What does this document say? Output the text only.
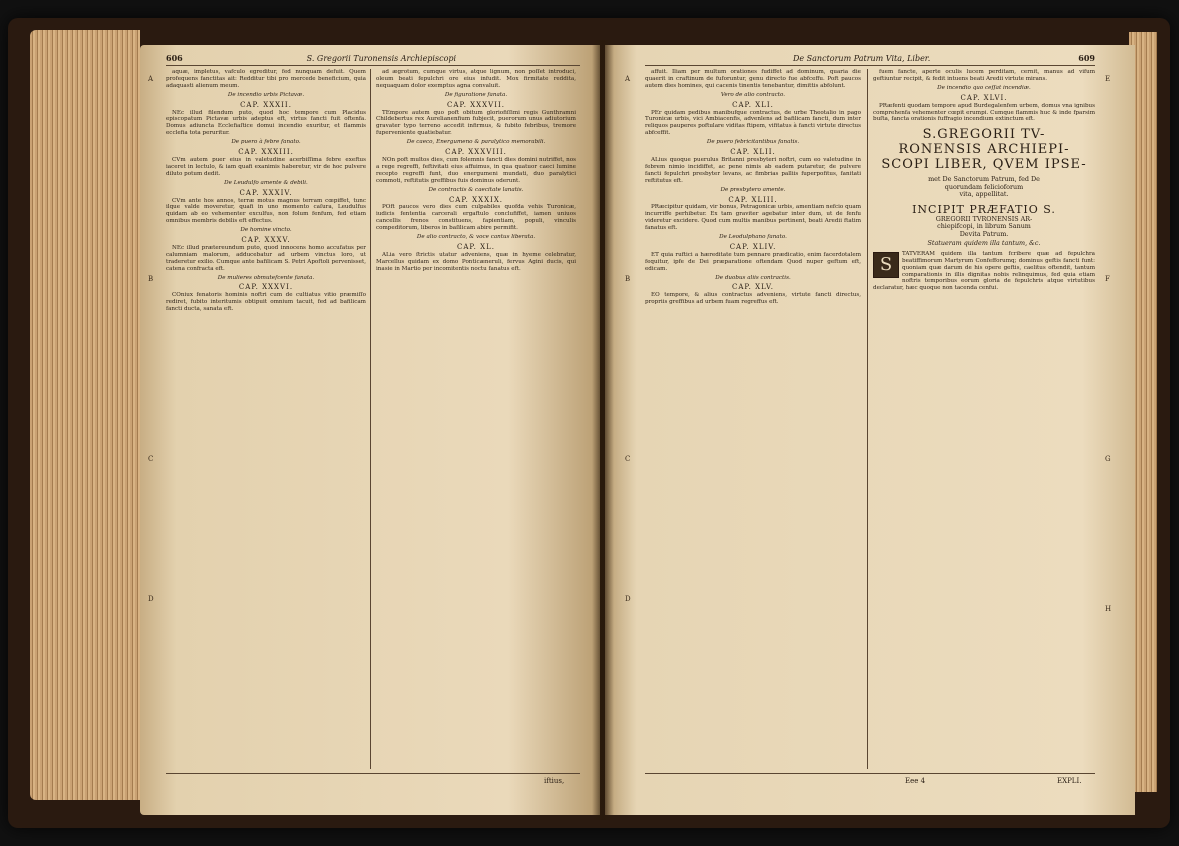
606	S. Gregorii Turonensis Archiepiscopi

aquæ, impletus, vafculo egreditur, fed nunquam defuit. Quem profequens fanctitas ait: Redditur tibi pro mercede beneficium, quia adaquasti alienum meum.

De incendio urbis Pictavæ.
CAP. XXXII.

NEc illud filendum puto, quod hoc tempore cum Placidus episcopatum Pictavæ urbis adeptus eft, virtus fancti fuit oftenfa. Domus adiuncta Ecclefiaſtice domui incendio exuritur, et flammis ecclefia tota peruritur.

De puero à febre fanato.
CAP. XXXIII.

CVm autem puer eius in valetudine acerbiſſima febre exeftus iaceret in lectulo, & iam quafi exanimis haberetur, vir de hoc pulvere diluto potum dedit.

De Leudulfo amente & debili.
CAP. XXXIV.

CVm ante hos annos, terræ motus magnus terram cœpiffet, tunc ilque valde moveretur, quafi in uno momento caſura, Leudulfus quidam ab eo vehementer exculfus, non folum fenfum, fed etiam omnibus membris debilis eft effectus.

De homine vincto.
CAP. XXXV.

NEc illud prætereundum puto, quod innocens homo accufatus per calumniam malorum, adducebatur ad urbem vinctus loro, ut traderetur exilio. Cumque ante bafilicam S. Petri Apoftoli pervenisset, catena confracta eft.

De mulieres obmutefcente fanata.
CAP. XXXVI.

COniux fenatoris hominis noftri cum de cultiatus vitio præmiſſo rediret, fubito interitumis obtipuit omnium tacuit, fed ad bafilicam fancti ducta, sanata eft.

ad ægrotum, cumque virtus, atque lignum, non poſſet introduci, oleum beati fepulchri ore eius infudit. Mox firmitate reddita, nequaquam dolor exemptus agna convaluit.

De figuratione fanata.
CAP. XXXVII.

TEmpore autem quo poft obitum gloriofiſſimi regis Gunthramni Childebertus rex Aurelianenfium fubjecit, puerorum unus adiutorium gravater typo terreno accedit infirmus, & fubito febribus, tremore fuperveniente quatiebatur.

De caeco, Energumeno & paralytico memorabili.
CAP. XXXVIII.

NOn poft multos dies, cum folemnis fancti dies domini nutriffet, nos a rege regreffi, feftivitati eius affuimus, in qua quatuor caeci lumine recepto regreffi funt, duo energumeni mundati, duo paralytici commoti, reftitutis greffibus fuis dominus oderunt.

De contractis & caecitate lanatis.
CAP. XXXIX.

POft paucos vero dies cum culpabiles quofda vehis Turonicæ, iudicis fententia carcerali ergaftulo conclufiffet, iamen uniuos cancellis frenos constituens, fapientiam, populi, vinculis compeditorum, liberos in baſilicam abire permifit.

De alio contracto, & voce cantus liberata.
CAP. XL.

ALia vero ſtrictis utatur adveniens, quæ in hyeme celebratur, Marcellus quidam ex domo Ponticæneruli, fervus Agini ducis, qui inasie in Martio per incomitentis noctu fanatus eft.

iftius,
A
B
C
D
De Sanctorum Patrum Vita, Liber.	609

affuit. Iliam per multum orationes fudiffet ad dominum, quaria die quaerit in craftinum de fuforuntur, genu directo fue abfceffu. Poft paucos autem dies homines, qui cacenis tinentis tenebantur, dimittis abfolunt.

Vero de alio contracto.
CAP. XLI.

PEr quidam pedibus manibufque contractus, de urbe Theotalio in pago Turonicæ urbis, vici Ambiacenfis, advenlens ad bafilicam fancti, dum inter reliquos pauperes poftulare viditas ftipem, vifitatus à fancti virtute directus abfceffit.

De puero febricitantibus fanatis.
CAP. XLII.

ALius quoque puerulus Britanni presbyteri noftri, cum eo valetudine in febrem nimio incidiffet, ac pene nimis ab eadem putaretur, de pulvere fancti fepulchri presbyter levans, ac fimbrias palliis fuperpofitus, fanitati reftitutus eft.

De presbytero amente.
CAP. XLIII.

PRæcipitur quidam, vir bonus, Petragonicæ urbis, amentiam nefcio quam incurriffe perhibetur. Ex tam graviter agebatur inter dum, ut de fenfu videretur excidere. Quod cum multis manibus pertinent, beati Aredii ftatim fanatus eft.

De Leodulphano fanato.
CAP. XLIV.

ET quia ruftici a hæreditate tum pennare prædicatio, enim facerdotalem fequitur, ipfe de Dei præparatione oftendam Quod nuper geftum eft, edicam.

De duobus aliis contractis.
CAP. XLV.

EO tempore, & alius contractus adveniens, virtute fancti directus, propriis greffibus ad urbem fuam regreffus eft.

fuem fancte, aperte oculis lucem perditam, cernit, manus ad vifum geftiuntur recipit, & fedit intuens beati Aredii virtute mirans.

De incendio quo ceſſat incendiæ.
CAP. XLVI.

PRæfenti quodam tempore apud Burdegalenfem urbem, domus vna ignibus comprehenfa vehementer cœpit erumpi. Cumque flammis huc & inde fparsim buſta, fancta orationis fuffragio incendium extinctum eft.

S.GREGORII TV-
RONENSIS ARCHIEPI-
SCOPI LIBER, QVEM IPSE-
met De Sanctorum Patrum, fed De
quorundam felicioforum
vita, appellitat.
INCIPIT PRÆFATIO S.
GREGORII TVRONENSIS AR-
chiepifcopi, in librum Sanum
Devita Patrum.
Statueram quidem illa tantum, &c.

S	TATVERAM quidem illa tantum fcribere quæ ad fepulchra beatiffimorum Martyrum Confefforumq; dominus geftis fancti funt: quoniam quæ darum de his opere geftis, caelitus oftendit, tantum comparationis in illis dignitas nobis relinquimus, fed quia etiam noftris temporibus eorum gloria de fepulchris atque virtutibus declaratur, hæc quoque non tacenda cenfui.

Eee 4	EXPLI.
A
B
C
D
E
F
G
H
